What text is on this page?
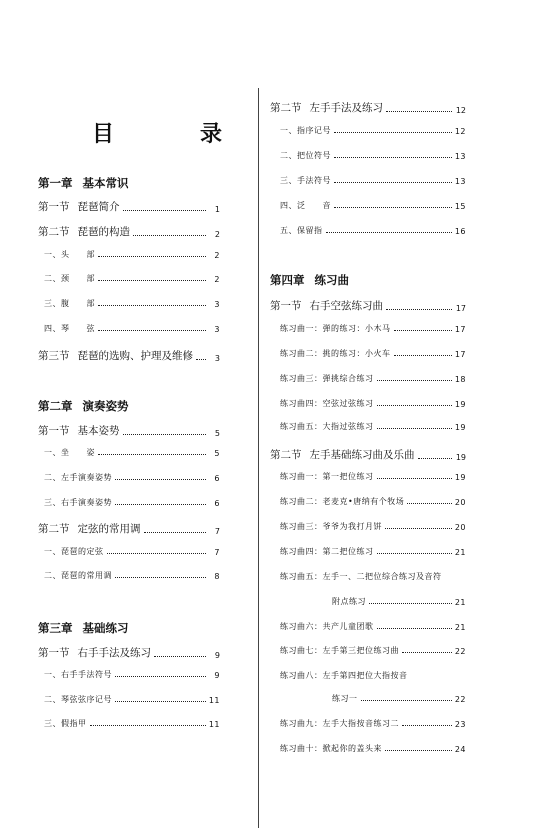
目　录
第一章 基本常识
第一节 琵琶简介	1
第二节 琵琶的构造	2
一、 头　　部	2
二、 颈　　部	2
三、 腹　　部	3
四、 琴　　弦	3
第三节 琵琶的选购、护理及维修	3
第二章 演奏姿势
第一节 基本姿势	5
一、 坐　　姿	5
二、 左手演奏姿势	6
三、 右手演奏姿势	6
第二节 定弦的常用调	7
一、 琵琶的定弦	7
二、 琵琶的常用调	8
第三章 基础练习
第一节 右手手法及练习	9
一、 右手手法符号	9
二、 琴弦弦序记号	11
三、 假指甲	11
第二节 左手手法及练习	12
一、 指序记号	12
二、 把位符号	13
三、 手法符号	13
四、 泛　　音	15
五、 保留指	16
第四章 练习曲
第一节 右手空弦练习曲	17
练习曲一： 弹的练习：小木马	17
练习曲二： 挑的练习：小火车	17
练习曲三： 弹挑综合练习	18
练习曲四： 空弦过弦练习	19
练习曲五： 大指过弦练习	19
第二节 左手基础练习曲及乐曲	19
练习曲一： 第一把位练习	19
练习曲二： 老麦克•唐纳有个牧场	20
练习曲三： 爷爷为我打月饼	20
练习曲四： 第二把位练习	21
练习曲五： 左手一、二把位综合练习及音符
附点练习	21
练习曲六： 共产儿童团歌	21
练习曲七： 左手第三把位练习曲	22
练习曲八： 左手第四把位大指按音
练习一	22
练习曲九： 左手大指按音练习二	23
练习曲十： 掀起你的盖头来	24
